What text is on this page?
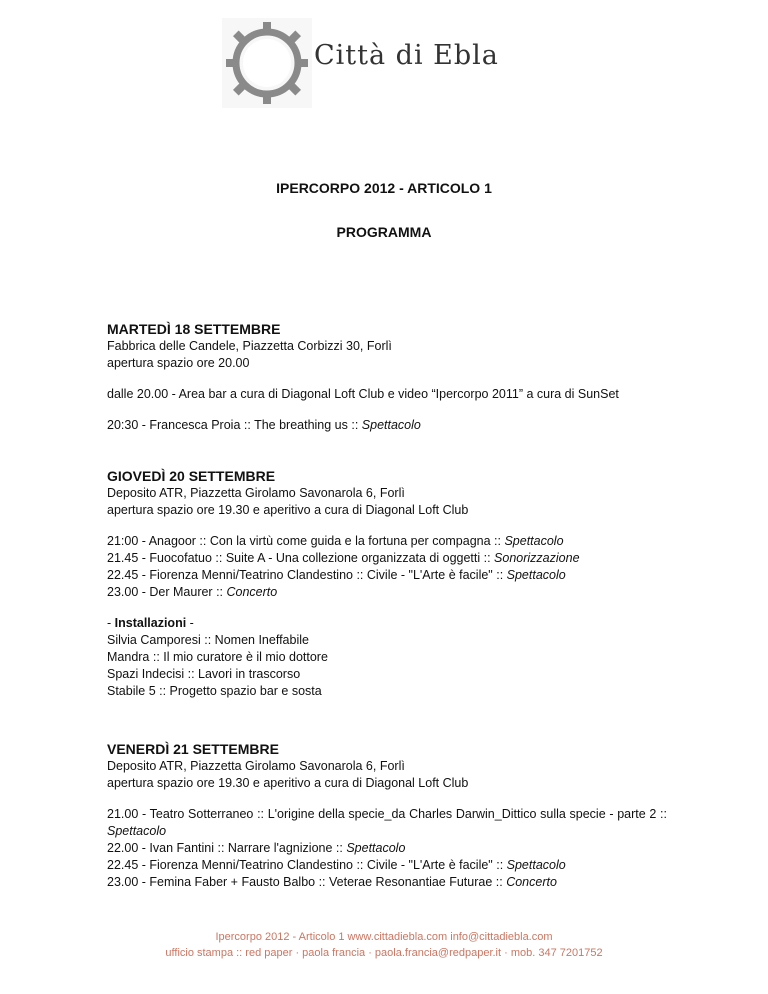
Città di Ebla
IPERCORPO 2012 - ARTICOLO 1
PROGRAMMA
MARTEDÌ 18 SETTEMBRE
Fabbrica delle Candele, Piazzetta Corbizzi 30, Forlì
apertura spazio ore 20.00
dalle 20.00 - Area bar a cura di Diagonal Loft Club e video “Ipercorpo 2011” a cura di SunSet
20:30 - Francesca Proia :: The breathing us :: Spettacolo
GIOVEDÌ 20 SETTEMBRE
Deposito ATR, Piazzetta Girolamo Savonarola 6, Forlì
apertura spazio ore 19.30 e aperitivo a cura di Diagonal Loft Club
21:00 - Anagoor :: Con la virtù come guida e la fortuna per compagna :: Spettacolo
21.45 - Fuocofatuo :: Suite A - Una collezione organizzata di oggetti :: Sonorizzazione
22.45 - Fiorenza Menni/Teatrino Clandestino :: Civile - "L'Arte è facile" :: Spettacolo
23.00 - Der Maurer :: Concerto
- Installazioni -
Silvia Camporesi :: Nomen Ineffabile
Mandra :: Il mio curatore è il mio dottore
Spazi Indecisi :: Lavori in trascorso
Stabile 5 :: Progetto spazio bar e sosta
VENERDÌ 21 SETTEMBRE
Deposito ATR, Piazzetta Girolamo Savonarola 6, Forlì
apertura spazio ore 19.30 e aperitivo a cura di Diagonal Loft Club
21.00 - Teatro Sotterraneo :: L'origine della specie_da Charles Darwin_Dittico sulla specie - parte 2 :: Spettacolo
22.00 - Ivan Fantini :: Narrare l'agnizione :: Spettacolo
22.45 - Fiorenza Menni/Teatrino Clandestino :: Civile - "L'Arte è facile" :: Spettacolo
23.00 - Femina Faber + Fausto Balbo :: Veterae Resonantiae Futurae :: Concerto
Ipercorpo 2012 - Articolo 1 www.cittadiebla.com info@cittadiebla.com
ufficio stampa :: red paper · paola francia · paola.francia@redpaper.it · mob. 347 7201752
